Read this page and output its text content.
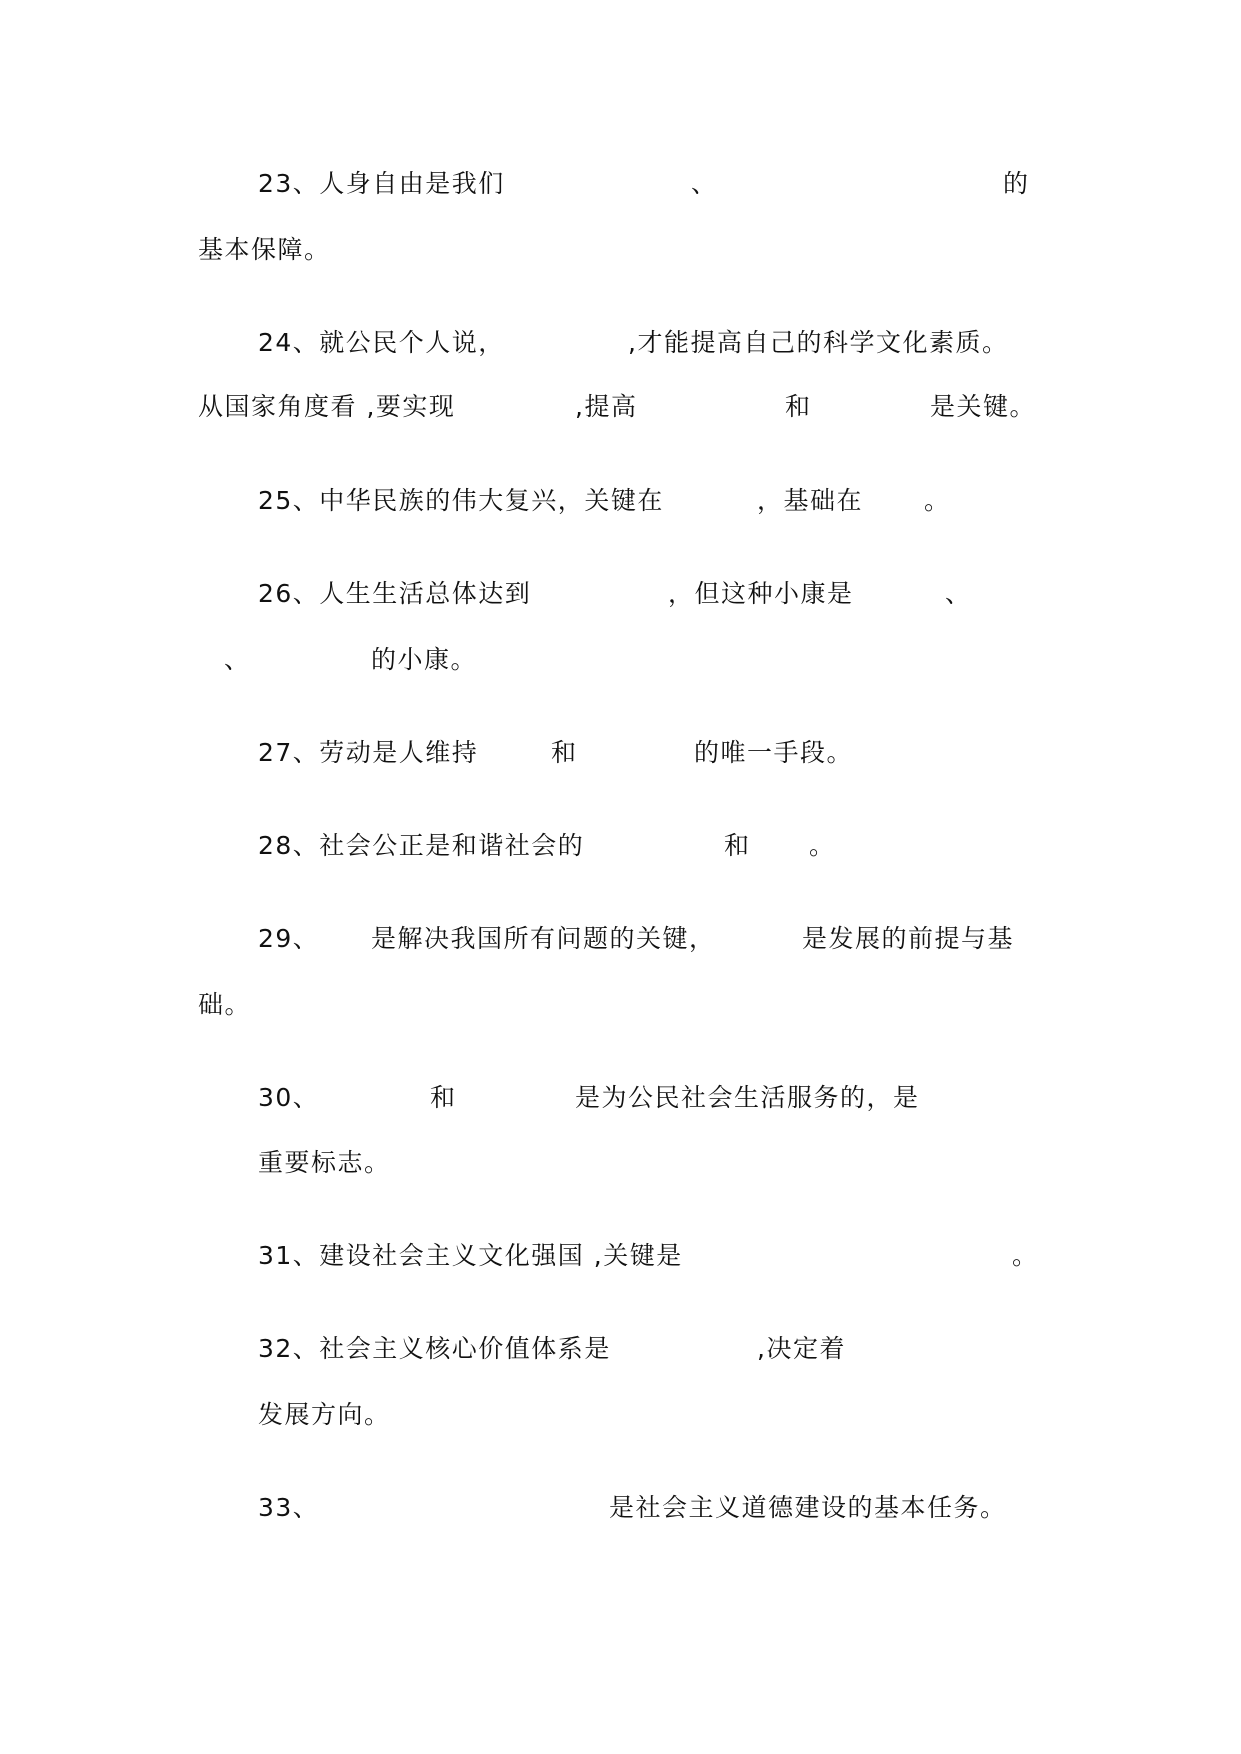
23、人身自由是我们	、	的
基本保障。
24、就公民个人说，	,才能提高自己的科学文化素质。
从国家角度看 ,要实现	,提高	和	是关键。
25、中华民族的伟大复兴，关键在	，基础在 。
26、人生生活总体达到	，但这种小康是	、
、	的小康。
27、劳动是人维持	和	的唯一手段。
28、社会公正是和谐社会的	和 。
29、 是解决我国所有问题的关键，	是发展的前提与基
础。
30、	和	是为公民社会生活服务的，是
重要标志。
31、建设社会主义文化强国 ,关键是	。
32、社会主义核心价值体系是	,决定着
发展方向。
33、	是社会主义道德建设的基本任务。
